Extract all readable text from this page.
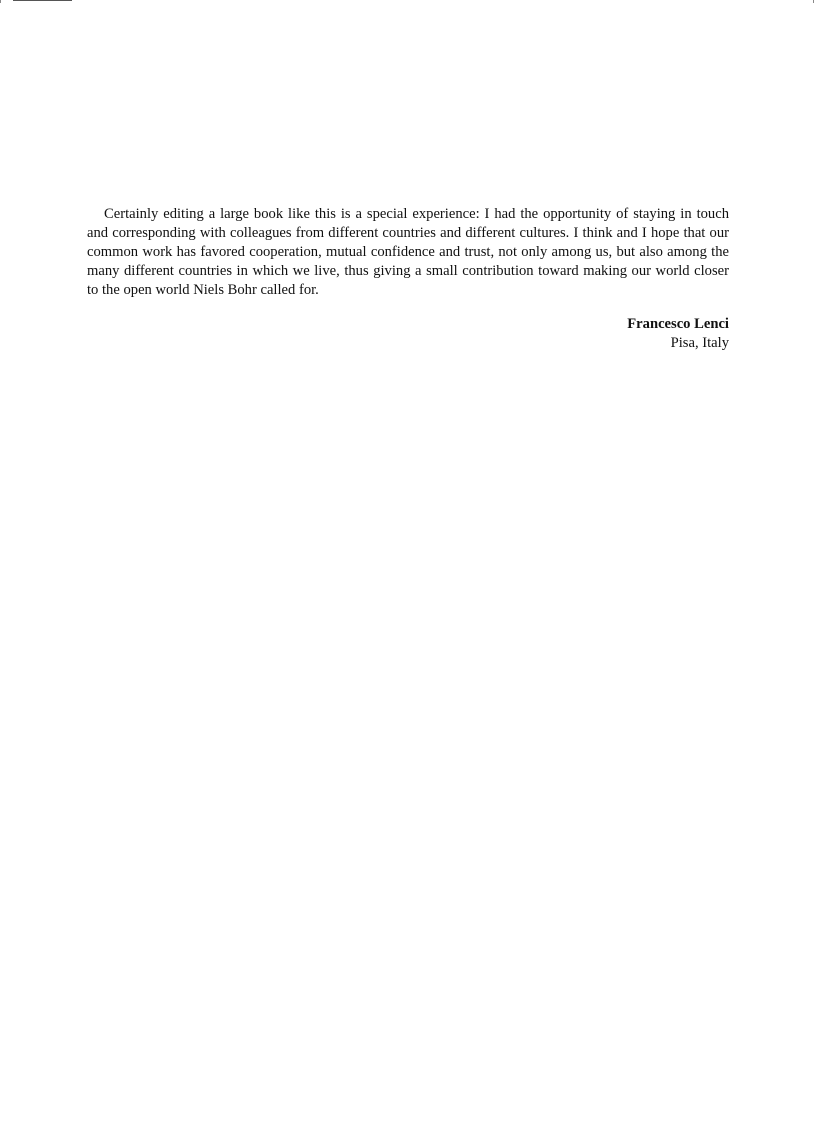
Certainly editing a large book like this is a special experience: I had the opportunity of staying in touch and corresponding with colleagues from different countries and different cultures. I think and I hope that our common work has favored cooperation, mutual confidence and trust, not only among us, but also among the many different countries in which we live, thus giving a small contribution toward making our world closer to the open world Niels Bohr called for.

Francesco Lenci
Pisa, Italy
